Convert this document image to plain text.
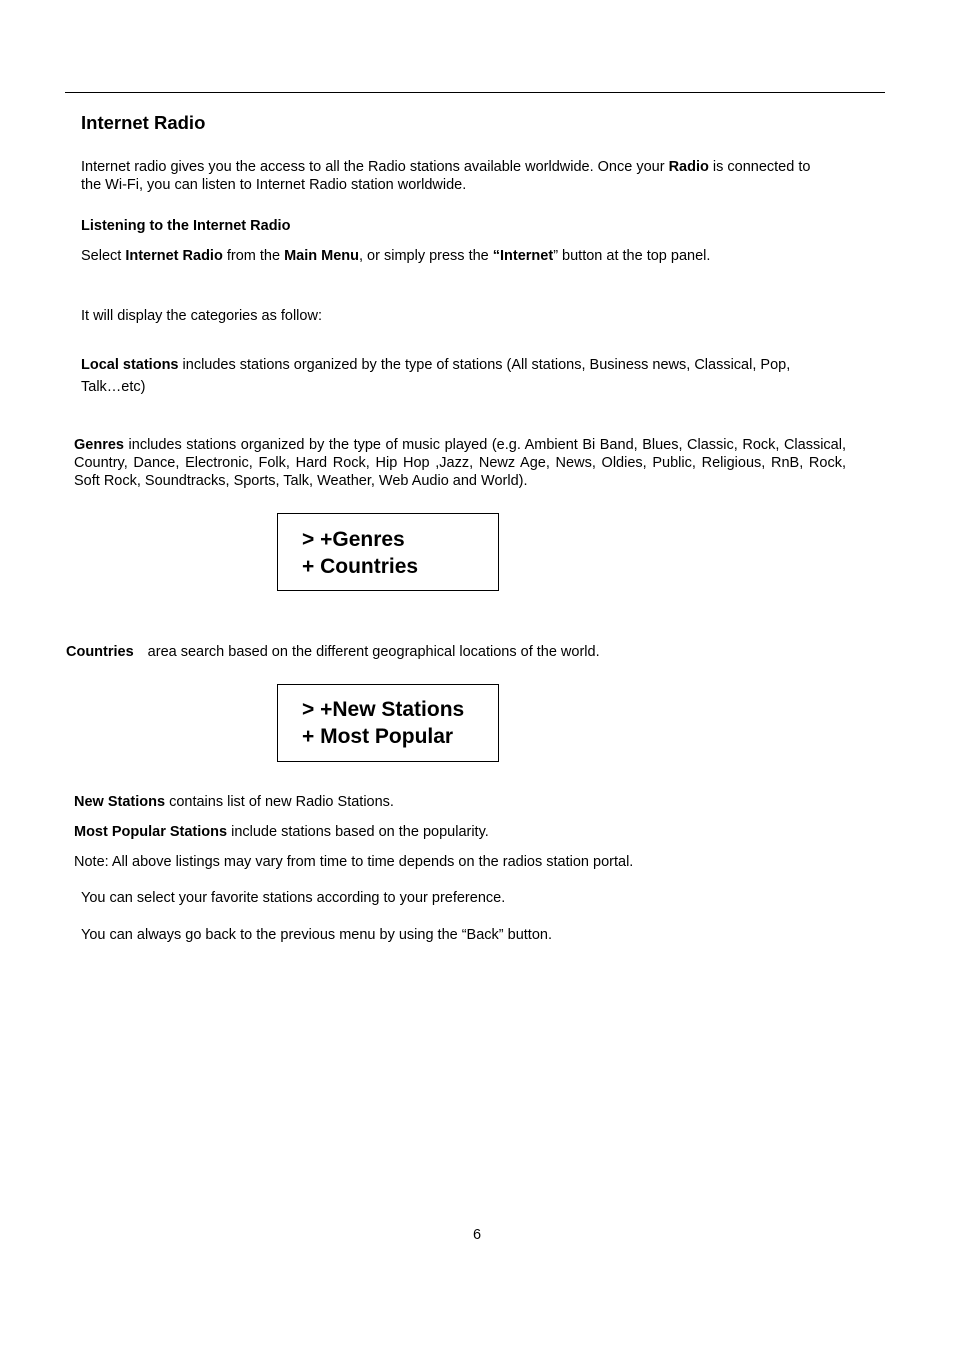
Internet Radio
Internet radio gives you the access to all the Radio stations available worldwide. Once your Radio is connected to
the Wi-Fi, you can listen to Internet Radio station worldwide.
Listening to the Internet Radio
Select Internet Radio from the Main Menu, or simply press the “Internet” button at the top panel.
It will display the categories as follow:
Local stations includes stations organized by the type of stations (All stations, Business news, Classical, Pop,
Talk…etc)
Genres includes stations organized by the type of music played (e.g. Ambient Bi Band, Blues, Classic, Rock, Classical, Country, Dance, Electronic, Folk, Hard Rock, Hip Hop ,Jazz, Newz Age, News, Oldies, Public, Religious, RnB, Rock, Soft Rock, Soundtracks, Sports, Talk, Weather, Web Audio and World).
> +Genres
+ Countries
Countries area search based on the different geographical locations of the world.
> +New Stations
+ Most Popular
New Stations contains list of new Radio Stations.
Most Popular Stations include stations based on the popularity.
Note: All above listings may vary from time to time depends on the radios station portal.
You can select your favorite stations according to your preference.
You can always go back to the previous menu by using the “Back” button.
6
